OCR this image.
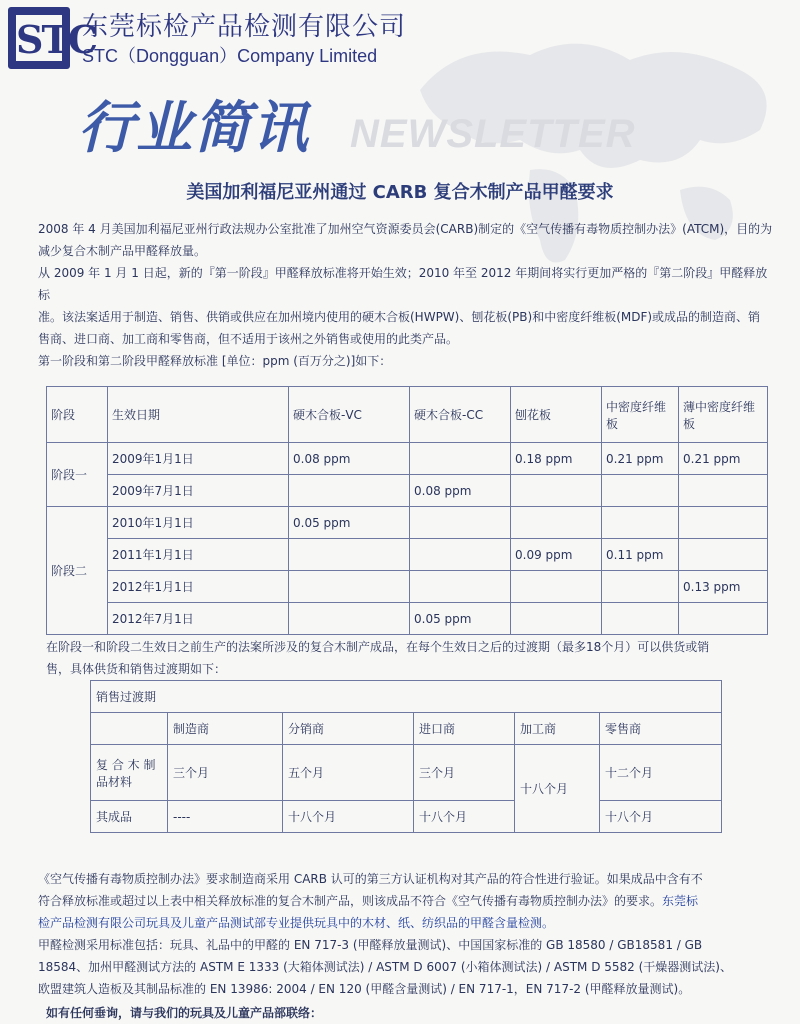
STC
东莞标检产品检测有限公司
STC（Dongguan）Company Limited
行业简讯 NEWSLETTER
美国加利福尼亚州通过 CARB 复合木制产品甲醛要求
2008 年 4 月美国加利福尼亚州行政法规办公室批准了加州空气资源委员会(CARB)制定的《空气传播有毒物质控制办法》(ATCM)，目的为
减少复合木制产品甲醛释放量。
从 2009 年 1 月 1 日起，新的『第一阶段』甲醛释放标准将开始生效；2010 年至 2012 年期间将实行更加严格的『第二阶段』甲醛释放标
准。该法案适用于制造、销售、供销或供应在加州境内使用的硬木合板(HWPW)、刨花板(PB)和中密度纤维板(MDF)或成品的制造商、销
售商、进口商、加工商和零售商，但不适用于该州之外销售或使用的此类产品。
第一阶段和第二阶段甲醛释放标准 [单位：ppm (百万分之)]如下：
阶段	生效日期	硬木合板-VC	硬木合板-CC	刨花板	中密度纤维板	薄中密度纤维板
阶段一	2009年1月1日	0.08 ppm		0.18 ppm	0.21 ppm	0.21 ppm
	2009年7月1日		0.08 ppm			
阶段二	2010年1月1日	0.05 ppm				
	2011年1月1日			0.09 ppm	0.11 ppm	
	2012年1月1日					0.13 ppm
	2012年7月1日		0.05 ppm			
在阶段一和阶段二生效日之前生产的法案所涉及的复合木制产成品，在每个生效日之后的过渡期（最多18个月）可以供货或销
售，具体供货和销售过渡期如下：
销售过渡期					
	制造商	分销商	进口商	加工商	零售商
复 合 木 制 品材料	三个月	五个月	三个月	十八个月	十二个月
其成品	----	十八个月	十八个月		十八个月
《空气传播有毒物质控制办法》要求制造商采用 CARB 认可的第三方认证机构对其产品的符合性进行验证。如果成品中含有不
符合释放标准或超过以上表中相关释放标准的复合木制产品，则该成品不符合《空气传播有毒物质控制办法》的要求。东莞标
检产品检测有限公司玩具及儿童产品测试部专业提供玩具中的木材、纸、纺织品的甲醛含量检测。
甲醛检测采用标准包括：玩具、礼品中的甲醛的 EN 717-3 (甲醛释放量测试)、中国国家标准的 GB 18580 / GB18581 / GB
18584、加州甲醛测试方法的 ASTM E 1333 (大箱体测试法) / ASTM D 6007 (小箱体测试法) / ASTM D 5582 (干燥器测试法)、
欧盟建筑人造板及其制品标准的 EN 13986: 2004 / EN 120 (甲醛含量测试) / EN 717-1，EN 717-2 (甲醛释放量测试)。
如有任何垂询，请与我们的玩具及儿童产品部联络：
